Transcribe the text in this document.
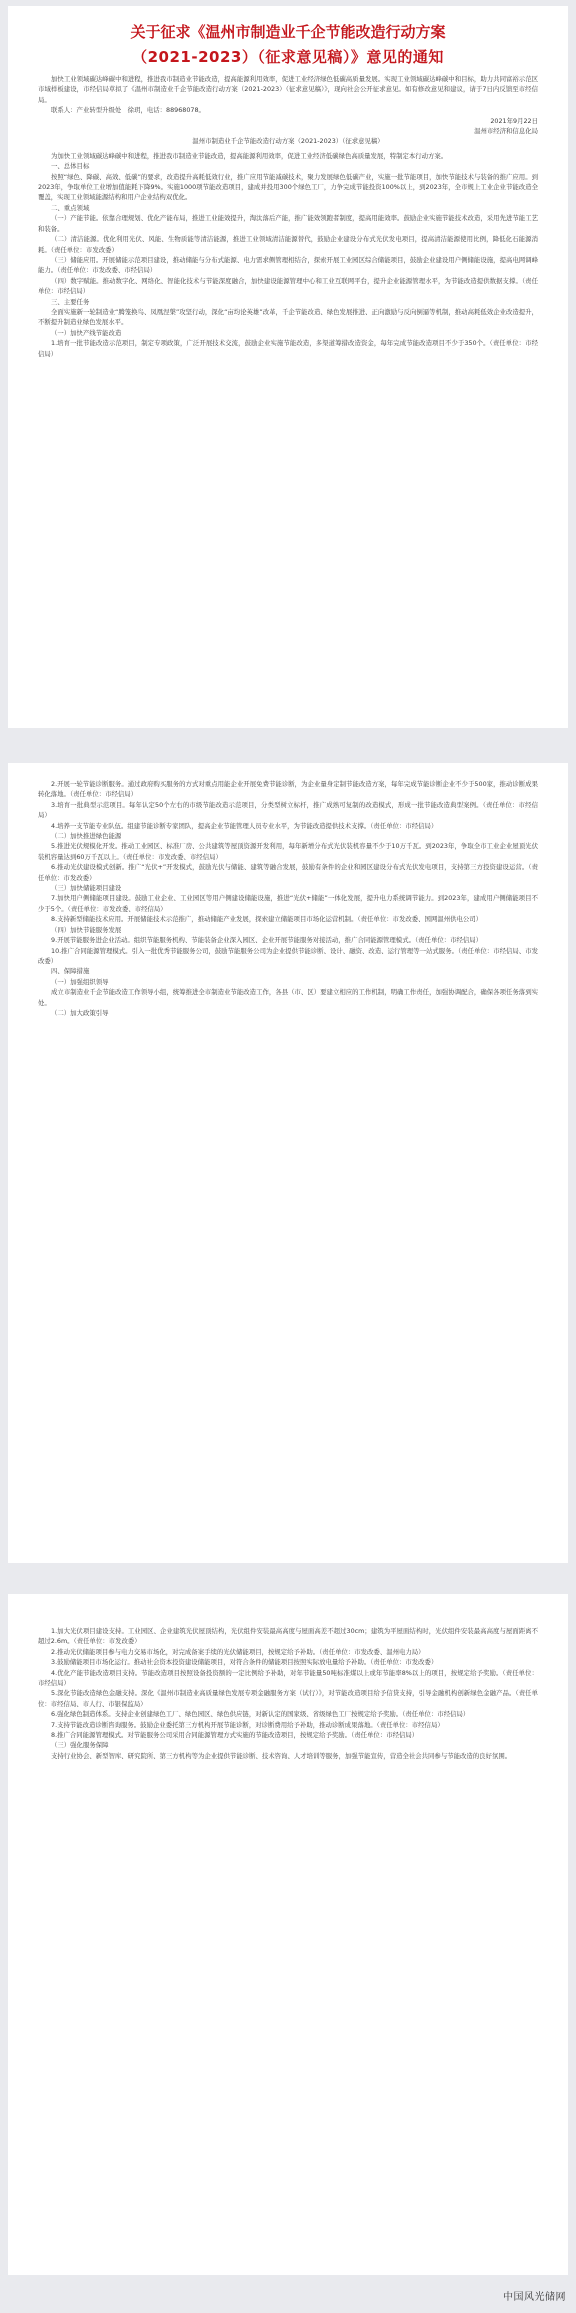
关于征求《温州市制造业千企节能改造行动方案
（2021-2023）（征求意见稿）》意见的通知

加快工业领域碳达峰碳中和进程，推进我市制造业节能改造，提高能源利用效率，促进工业经济绿色低碳高质量发展。实现工业领域碳达峰碳中和目标，助力共同富裕示范区市域样板建设，市经信局草拟了《温州市制造业千企节能改造行动方案（2021-2023）（征求意见稿）》，现向社会公开征求意见。如有修改意见和建议，请于7日内反馈至市经信局。

联系人：产业转型升级处　徐玥，电话：88968078。

2021年9月22日

温州市经济和信息化局

温州市制造业千企节能改造行动方案（2021-2023）（征求意见稿）

为加快工业领域碳达峰碳中和进程，推进我市制造业节能改造，提高能源利用效率，促进工业经济低碳绿色高质量发展，特制定本行动方案。

一、总体目标

按照“绿色、降碳、高效、低碳”的要求，改造提升高耗低效行业，推广应用节能减碳技术，聚力发展绿色低碳产业，实施一批节能项目，加快节能技术与装备的推广应用。到2023年，争取单位工业增加值能耗下降9%。实施1000项节能改造项目，建成并投用300个绿色工厂，力争完成节能投资100%以上，到2023年，全市规上工业企业节能改造全覆盖，实现工业领域能源结构和用户企业结构双优化。

二、重点领域

（一）产能节能。依靠合理规划、优化产能布局，推进工业能效提升，淘汰落后产能，推广能效领跑者制度，提高用能效率。鼓励企业实施节能技术改造，采用先进节能工艺和装备。

（二）清洁能源。优化利用光伏、风能、生物质能等清洁能源，推进工业领域清洁能源替代，鼓励企业建设分布式光伏发电项目，提高清洁能源使用比例，降低化石能源消耗。（责任单位：市发改委）

（三）储能应用。开展储能示范项目建设，推动储能与分布式能源、电力需求侧管理相结合，探索开展工业园区综合储能项目，鼓励企业建设用户侧储能设施，提高电网调峰能力。（责任单位：市发改委、市经信局）

（四）数字赋能。推动数字化、网络化、智能化技术与节能深度融合，加快建设能源管理中心和工业互联网平台，提升企业能源管理水平，为节能改造提供数据支撑。（责任单位：市经信局）

三、主要任务

全面实施新一轮制造业“腾笼换鸟、凤凰涅槃”攻坚行动，深化“亩均论英雄”改革，千企节能改造、绿色发展推进、正向激励与反向倒逼等机制，推动高耗低效企业改造提升，不断提升制造业绿色发展水平。

（一）加快产线节能改造

1.培育一批节能改造示范项目，制定专项政策，广泛开展技术交流，鼓励企业实施节能改造，多渠道筹措改造资金，每年完成节能改造项目不少于350个。（责任单位：市经信局）

2.开展一轮节能诊断服务。通过政府购买服务的方式对重点用能企业开展免费节能诊断，为企业量身定制节能改造方案，每年完成节能诊断企业不少于500家，推动诊断成果转化落地。（责任单位：市经信局）

3.培育一批典型示范项目。每年认定50个左右的市级节能改造示范项目，分类型树立标杆，推广成熟可复制的改造模式，形成一批节能改造典型案例。（责任单位：市经信局）

4.培养一支节能专业队伍。组建节能诊断专家团队，提高企业节能管理人员专业水平，为节能改造提供技术支撑。（责任单位：市经信局）

（二）加快推进绿色能源

5.推进光伏规模化开发。推动工业园区、标准厂房、公共建筑等屋顶资源开发利用，每年新增分布式光伏装机容量不少于10万千瓦。到2023年，争取全市工业企业屋顶光伏装机容量达到60万千瓦以上。（责任单位：市发改委、市经信局）

6.推动光伏建设模式创新。推广“光伏+”开发模式，鼓励光伏与储能、建筑等融合发展，鼓励有条件的企业和园区建设分布式光伏发电项目，支持第三方投资建设运营。（责任单位：市发改委）

（三）加快储能项目建设

7.加快用户侧储能项目建设。鼓励工业企业、工业园区等用户侧建设储能设施，推进“光伏+储能”一体化发展，提升电力系统调节能力。到2023年，建成用户侧储能项目不少于5个。（责任单位：市发改委、市经信局）

8.支持新型储能技术应用。开展储能技术示范推广，推动储能产业发展，探索建立储能项目市场化运营机制。（责任单位：市发改委、国网温州供电公司）

（四）加快节能服务发展

9.开展节能服务进企业活动。组织节能服务机构、节能装备企业深入园区、企业开展节能服务对接活动，推广合同能源管理模式。（责任单位：市经信局）

10.推广合同能源管理模式。引入一批优秀节能服务公司，鼓励节能服务公司为企业提供节能诊断、设计、融资、改造、运行管理等一站式服务。（责任单位：市经信局、市发改委）

四、保障措施

（一）加强组织领导

成立市制造业千企节能改造工作领导小组，统筹推进全市制造业节能改造工作，各县（市、区）要建立相应的工作机制，明确工作责任，加强协调配合，确保各项任务落到实处。

（二）加大政策引导

1.加大光伏项目建设支持。工业园区、企业建筑光伏屋顶结构，光伏组件安装最高高度与屋面高差不超过30cm；建筑为平屋面结构时，光伏组件安装最高高度与屋面距离不超过2.6m。（责任单位：市发改委）

2.推动光伏储能项目参与电力交易市场化，对完成备案手续的光伏储能项目，按规定给予补助。（责任单位：市发改委、温州电力局）

3.鼓励储能项目市场化运行。推动社会资本投资建设储能项目，对符合条件的储能项目按照实际放电量给予补助。（责任单位：市发改委）

4.优化产能节能改造项目支持。节能改造项目按照设备投资额的一定比例给予补助，对年节能量50吨标准煤以上或年节能率8%以上的项目，按规定给予奖励。（责任单位：市经信局）

5.深化节能改造绿色金融支持。深化《温州市制造业高质量绿色发展专项金融服务方案（试行）》，对节能改造项目给予信贷支持，引导金融机构创新绿色金融产品。（责任单位：市经信局、市人行、市银保监局）

6.强化绿色制造体系。支持企业创建绿色工厂、绿色园区、绿色供应链，对新认定的国家级、省级绿色工厂按规定给予奖励。（责任单位：市经信局）

7.支持节能改造诊断咨询服务。鼓励企业委托第三方机构开展节能诊断，对诊断费用给予补助，推动诊断成果落地。（责任单位：市经信局）

8.推广合同能源管理模式。对节能服务公司采用合同能源管理方式实施的节能改造项目，按规定给予奖励。（责任单位：市经信局）

（三）强化服务保障

支持行业协会、新型智库、研究院所、第三方机构等为企业提供节能诊断、技术咨询、人才培训等服务，加强节能宣传，营造全社会共同参与节能改造的良好氛围。

中国风光储网
